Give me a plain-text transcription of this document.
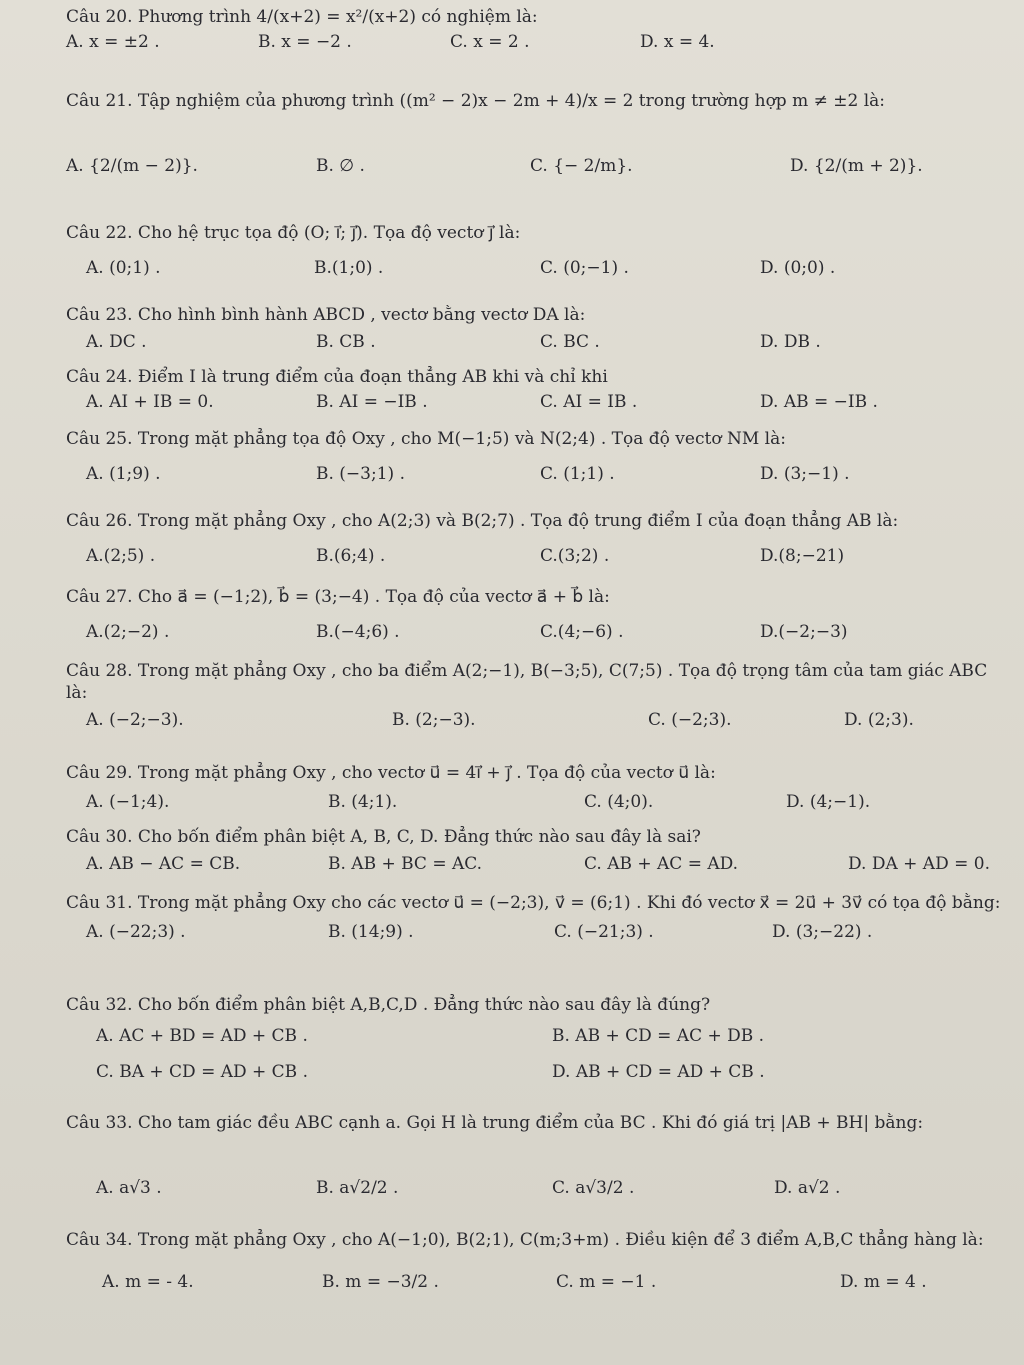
Câu 20. Phương trình 4/(x+2) = x²/(x+2) có nghiệm là:
A. x = ±2 .	B. x = −2 .	C. x = 2 .	D. x = 4.
Câu 21. Tập nghiệm của phương trình ((m² − 2)x − 2m + 4)/x = 2 trong trường hợp m ≠ ±2 là:
A. {2/(m − 2)}.	B. ∅ .	C. {− 2/m}.	D. {2/(m + 2)}.
Câu 22. Cho hệ trục tọa độ (O; i⃗; j⃗). Tọa độ vectơ j⃗ là:
A. (0;1) .	B.(1;0) .	C. (0;−1) .	D. (0;0) .
Câu 23. Cho hình bình hành ABCD , vectơ bằng vectơ DA là:
A. DC .	B. CB .	C. BC .	D. DB .
Câu 24. Điểm I là trung điểm của đoạn thẳng AB khi và chỉ khi
A. AI + IB = 0.	B. AI = −IB .	C. AI = IB .	D. AB = −IB .
Câu 25. Trong mặt phẳng tọa độ Oxy , cho M(−1;5) và N(2;4) . Tọa độ vectơ NM là:
A. (1;9) .	B. (−3;1) .	C. (1;1) .	D. (3;−1) .
Câu 26. Trong mặt phẳng Oxy , cho A(2;3) và B(2;7) . Tọa độ trung điểm I của đoạn thẳng AB là:
A.(2;5) .	B.(6;4) .	C.(3;2) .	D.(8;−21)
Câu 27. Cho a⃗ = (−1;2), b⃗ = (3;−4) . Tọa độ của vectơ a⃗ + b⃗ là:
A.(2;−2) .	B.(−4;6) .	C.(4;−6) .	D.(−2;−3)
Câu 28. Trong mặt phẳng Oxy , cho ba điểm A(2;−1), B(−3;5), C(7;5) . Tọa độ trọng tâm của tam giác ABC là:
A. (−2;−3).	B. (2;−3).	C. (−2;3).	D. (2;3).
Câu 29. Trong mặt phẳng Oxy , cho vectơ u⃗ = 4i⃗ + j⃗ . Tọa độ của vectơ u⃗ là:
A. (−1;4).	B. (4;1).	C. (4;0).	D. (4;−1).
Câu 30. Cho bốn điểm phân biệt A, B, C, D. Đẳng thức nào sau đây là sai?
A. AB − AC = CB.	B. AB + BC = AC.	C. AB + AC = AD.	D. DA + AD = 0.
Câu 31. Trong mặt phẳng Oxy cho các vectơ u⃗ = (−2;3), v⃗ = (6;1) . Khi đó vectơ x⃗ = 2u⃗ + 3v⃗ có tọa độ bằng:
A. (−22;3) .	B. (14;9) .	C. (−21;3) .	D. (3;−22) .
Câu 32. Cho bốn điểm phân biệt A,B,C,D . Đẳng thức nào sau đây là đúng?
A. AC + BD = AD + CB .	B. AB + CD = AC + DB .
C. BA + CD = AD + CB .	D. AB + CD = AD + CB .
Câu 33. Cho tam giác đều ABC cạnh a. Gọi H là trung điểm của BC . Khi đó giá trị |AB + BH| bằng:
A. a√3 .	B. a√2/2 .	C. a√3/2 .	D. a√2 .
Câu 34. Trong mặt phẳng Oxy , cho A(−1;0), B(2;1), C(m;3+m) . Điều kiện để 3 điểm A,B,C thẳng hàng là:
A. m = - 4.	B. m = −3/2 .	C. m = −1 .	D. m = 4 .
